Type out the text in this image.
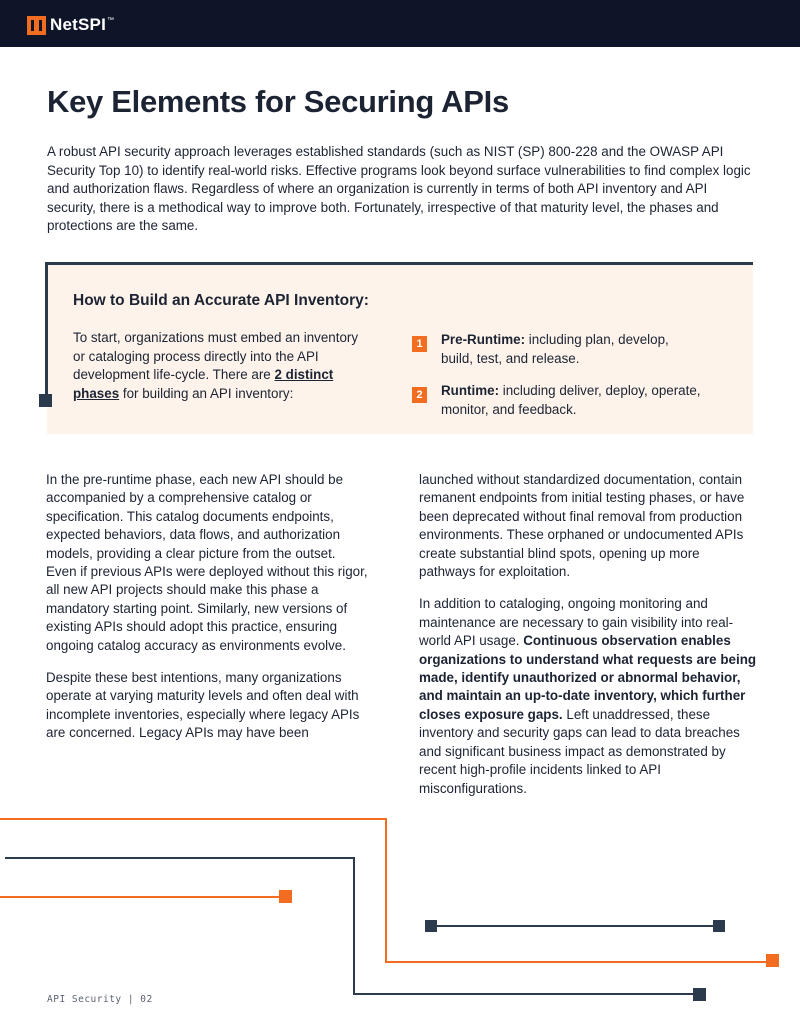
NetSPI ™
Key Elements for Securing APIs

A robust API security approach leverages established standards (such as NIST (SP) 800-228 and the OWASP API Security Top 10) to identify real-world risks. Effective programs look beyond surface vulnerabilities to find complex logic and authorization flaws. Regardless of where an organization is currently in terms of both API inventory and API security, there is a methodical way to improve both. Fortunately, irrespective of that maturity level, the phases and protections are the same.

How to Build an Accurate API Inventory:

To start, organizations must embed an inventory or cataloging process directly into the API development life-cycle. There are 2 distinct phases for building an API inventory:

1	Pre-Runtime: including plan, develop, build, test, and release.

2	Runtime: including deliver, deploy, operate, monitor, and feedback.

In the pre-runtime phase, each new API should be accompanied by a comprehensive catalog or specification. This catalog documents endpoints, expected behaviors, data flows, and authorization models, providing a clear picture from the outset. Even if previous APIs were deployed without this rigor, all new API projects should make this phase a mandatory starting point. Similarly, new versions of existing APIs should adopt this practice, ensuring ongoing catalog accuracy as environments evolve.

Despite these best intentions, many organizations operate at varying maturity levels and often deal with incomplete inventories, especially where legacy APIs are concerned. Legacy APIs may have been

launched without standardized documentation, contain remanent endpoints from initial testing phases, or have been deprecated without final removal from production environments. These orphaned or undocumented APIs create substantial blind spots, opening up more pathways for exploitation.

In addition to cataloging, ongoing monitoring and maintenance are necessary to gain visibility into real-world API usage. Continuous observation enables organizations to understand what requests are being made, identify unauthorized or abnormal behavior, and maintain an up-to-date inventory, which further closes exposure gaps. Left unaddressed, these inventory and security gaps can lead to data breaches and significant business impact as demonstrated by recent high-profile incidents linked to API misconfigurations.

API Security | 02
